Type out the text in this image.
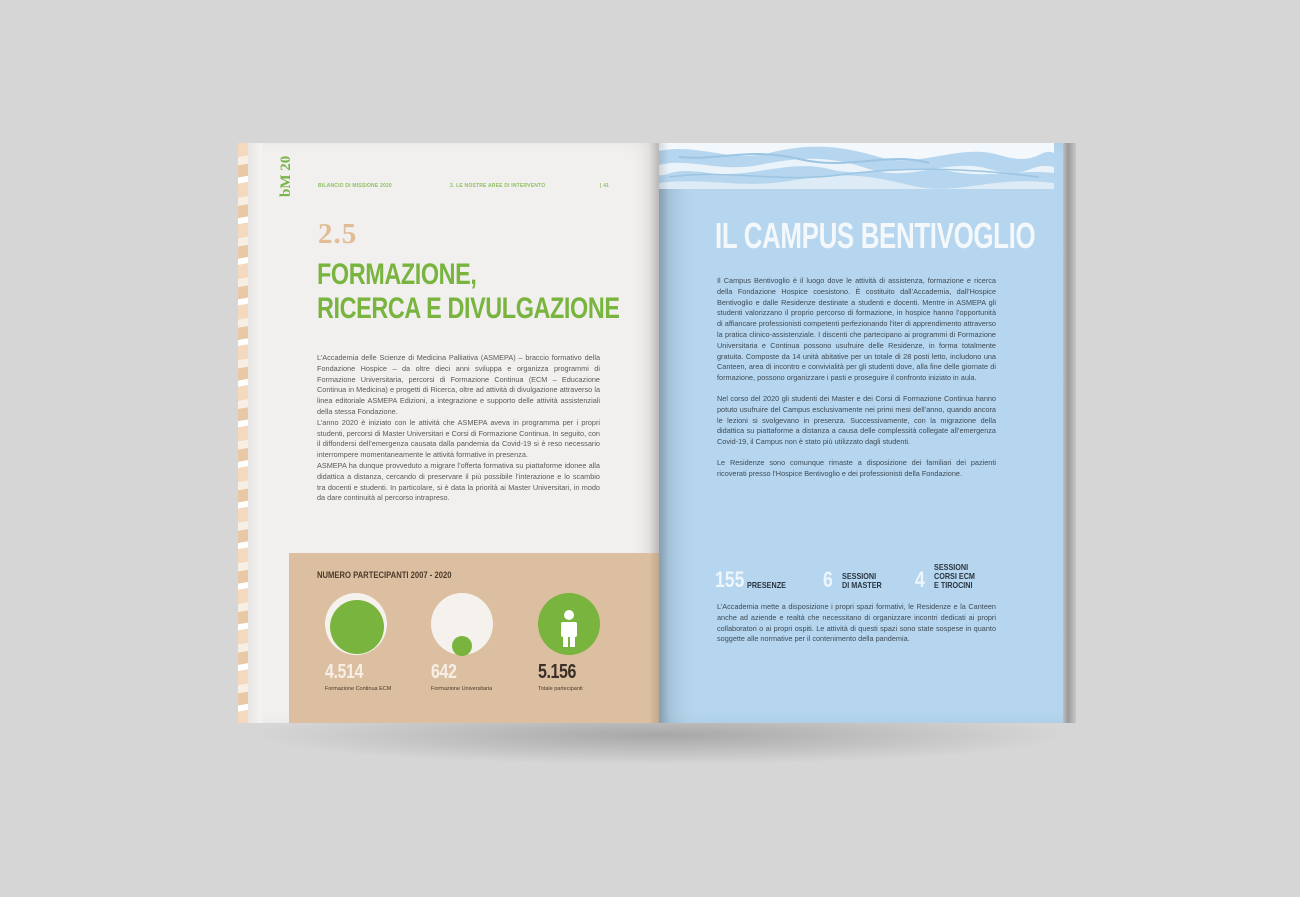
bM 20	BILANCIO DI MISSIONE 2020	2. LE NOSTRE AREE DI INTERVENTO	| 41
2.5
FORMAZIONE,
RICERCA E DIVULGAZIONE

L’Accademia delle Scienze di Medicina Palliativa (ASMEPA) – braccio formativo della Fondazione Hospice – da oltre dieci anni sviluppa e organizza programmi di Formazione Universitaria, percorsi di Formazione Continua (ECM – Educazione Continua in Medicina) e progetti di Ricerca, oltre ad attività di divulgazione attraverso la linea editoriale ASMEPA Edizioni, a integrazione e supporto delle attività assistenziali della stessa Fondazione.

L’anno 2020 è iniziato con le attività che ASMEPA aveva in programma per i propri studenti, percorsi di Master Universitari e Corsi di Formazione Continua. In seguito, con il diffondersi dell’emergenza causata dalla pandemia da Covid-19 si è reso necessario interrompere momentaneamente le attività formative in presenza.

ASMEPA ha dunque provveduto a migrare l’offerta formativa su piattaforme idonee alla didattica a distanza, cercando di preservare il più possibile l’interazione e lo scambio tra docenti e studenti. In particolare, si è data la priorità ai Master Universitari, in modo da dare continuità al percorso intrapreso.

NUMERO PARTECIPANTI 2007 - 2020
4.514
Formazione Continua ECM
642
Formazione Universitaria
5.156
Totale partecipanti
IL CAMPUS BENTIVOGLIO

Il Campus Bentivoglio è il luogo dove le attività di assistenza, formazione e ricerca della Fondazione Hospice coesistono. È costituito dall’Accademia, dall’Hospice Bentivoglio e dalle Residenze destinate a studenti e docenti. Mentre in ASMEPA gli studenti valorizzano il proprio percorso di formazione, in hospice hanno l’opportunità di affiancare professionisti competenti perfezionando l’iter di apprendimento attraverso la pratica clinico-assistenziale. I discenti che partecipano ai programmi di Formazione Universitaria e Continua possono usufruire delle Residenze, in forma totalmente gratuita. Composte da 14 unità abitative per un totale di 28 posti letto, includono una Canteen, area di incontro e convivialità per gli studenti dove, alla fine delle giornate di formazione, possono organizzare i pasti e proseguire il confronto iniziato in aula.

Nel corso del 2020 gli studenti dei Master e dei Corsi di Formazione Continua hanno potuto usufruire del Campus esclusivamente nei primi mesi dell’anno, quando ancora le lezioni si svolgevano in presenza. Successivamente, con la migrazione della didattica su piattaforme a distanza a causa delle complessità collegate all’emergenza Covid-19, il Campus non è stato più utilizzato dagli studenti.

Le Residenze sono comunque rimaste a disposizione dei familiari dei pazienti ricoverati presso l’Hospice Bentivoglio e dei professionisti della Fondazione.

155 PRESENZE 6 SESSIONI
DI MASTER 4 SESSIONI
CORSI ECM
E TIROCINI
L’Accademia mette a disposizione i propri spazi formativi, le Residenze e la Canteen anche ad aziende e realtà che necessitano di organizzare incontri dedicati ai propri collaboratori o ai propri ospiti. Le attività di questi spazi sono state sospese in quanto soggette alle normative per il contenimento della pandemia.
